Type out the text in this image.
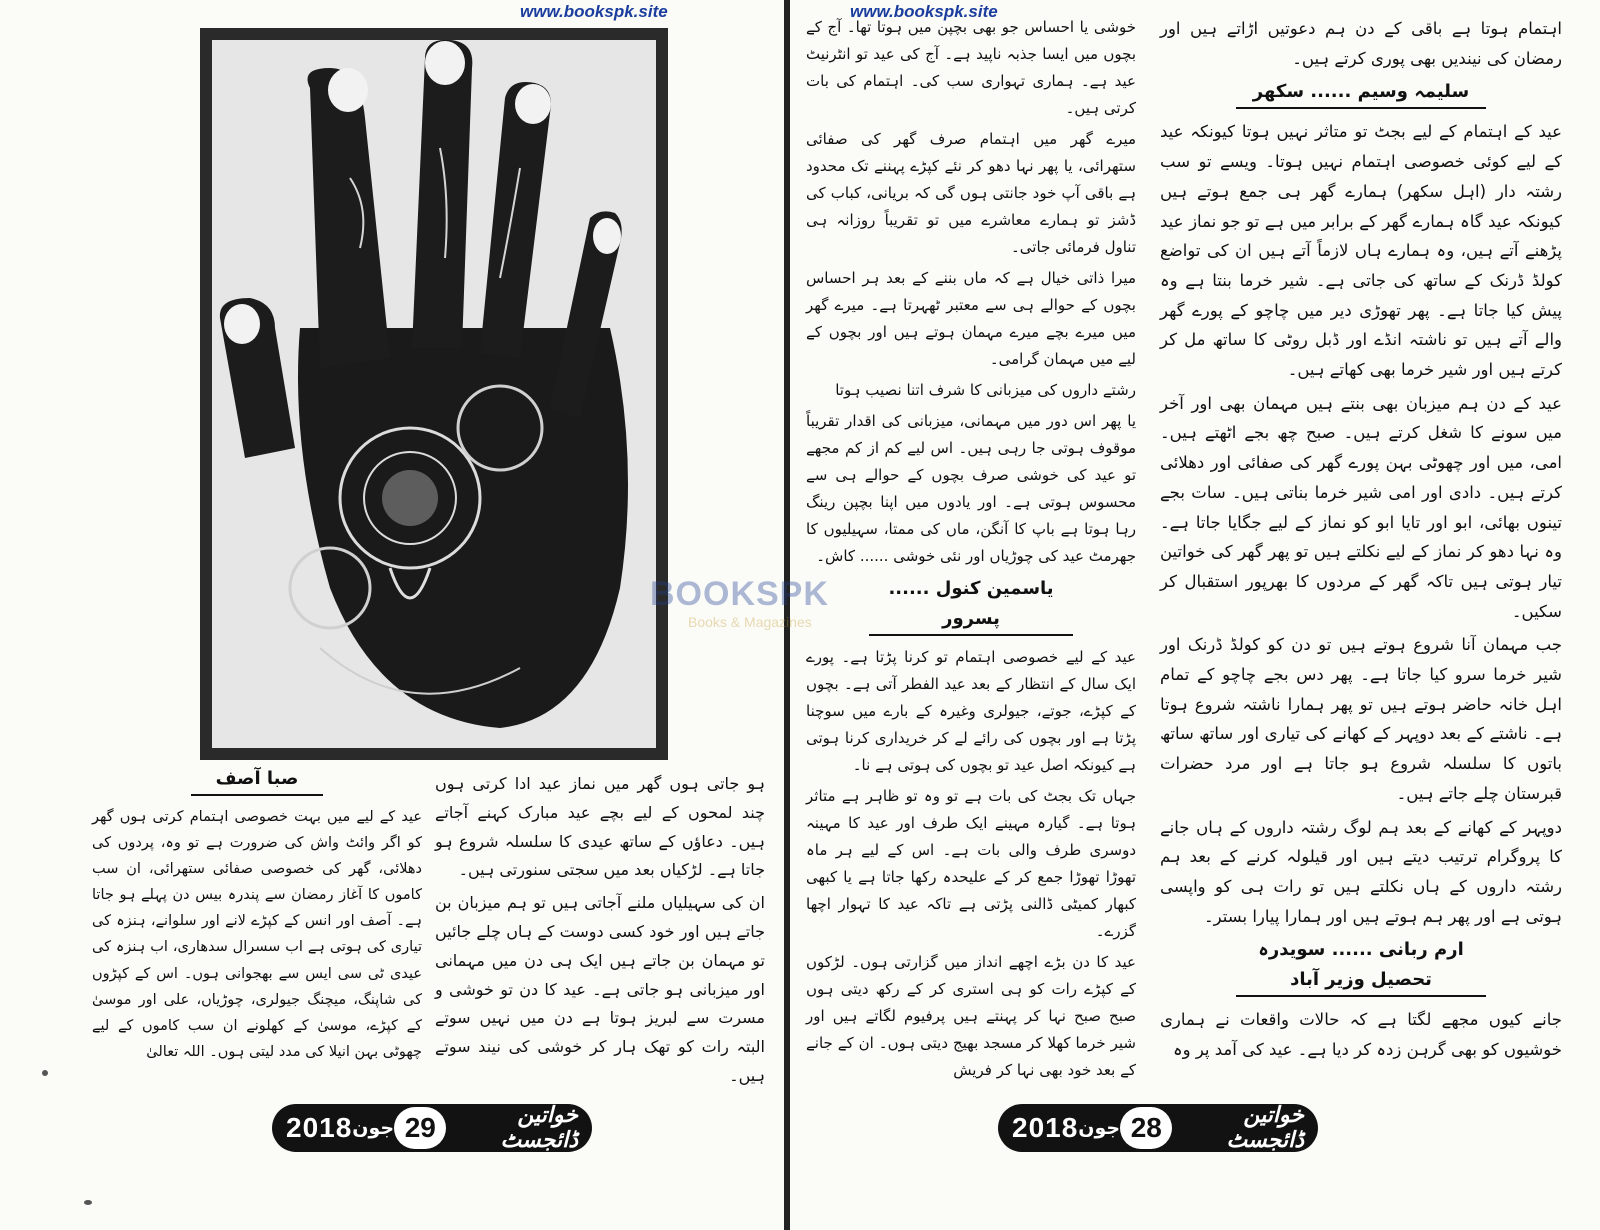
www.bookspk.site
صبا آصف

عید کے لیے میں بہت خصوصی اہتمام کرتی ہوں گھر کو اگر وائٹ واش کی ضرورت ہے تو وہ، پردوں کی دھلائی، گھر کی خصوصی صفائی ستھرائی، ان سب کاموں کا آغاز رمضان سے پندرہ بیس دن پہلے ہو جاتا ہے۔ آصف اور انس کے کپڑے لانے اور سلوانے، ہنزہ کی تیاری کی ہوتی ہے اب سسرال سدھاری، اب ہنزہ کی عیدی ٹی سی ایس سے بھجوانی ہوں۔ اس کے کپڑوں کی شاپنگ، میچنگ جیولری، چوڑیاں، علی اور موسیٰ کے کپڑے، موسیٰ کے کھلونے ان سب کاموں کے لیے چھوٹی بہن انیلا کی مدد لیتی ہوں۔ اللہ تعالیٰ

ہو جاتی ہوں گھر میں نماز عید ادا کرتی ہوں چند لمحوں کے لیے بچے عید مبارک کہنے آجاتے ہیں۔ دعاؤں کے ساتھ عیدی کا سلسلہ شروع ہو جاتا ہے۔ لڑکیاں بعد میں سجتی سنورتی ہیں۔

ان کی سہیلیاں ملنے آجاتی ہیں تو ہم میزبان بن جاتے ہیں اور خود کسی دوست کے ہاں چلے جائیں تو مہمان بن جاتے ہیں ایک ہی دن میں مہمانی اور میزبانی ہو جاتی ہے۔ عید کا دن تو خوشی و مسرت سے لبریز ہوتا ہے دن میں نہیں سوتے البتہ رات کو تھک ہار کر خوشی کی نیند سوتے ہیں۔

2018 جون 29	خواتین ڈائجسٹ
www.bookspk.site

خوشی یا احساس جو بھی بچپن میں ہوتا تھا۔ آج کے بچوں میں ایسا جذبہ ناپید ہے۔ آج کی عید تو انٹرنیٹ عید ہے۔ ہماری تہواری سب کی۔ اہتمام کی بات کرتی ہیں۔

میرے گھر میں اہتمام صرف گھر کی صفائی ستھرائی، یا پھر نہا دھو کر نئے کپڑے پہننے تک محدود ہے باقی آپ خود جانتی ہوں گی کہ بریانی، کباب کی ڈشز تو ہمارے معاشرے میں تو تقریباً روزانہ ہی تناول فرمائی جاتی۔

میرا ذاتی خیال ہے کہ ماں بننے کے بعد ہر احساس بچوں کے حوالے ہی سے معتبر ٹھہرتا ہے۔ میرے گھر میں میرے بچے میرے مہمان ہوتے ہیں اور بچوں کے لیے میں مہمان گرامی۔

رشتے داروں کی میزبانی کا شرف اتنا نصیب ہوتا

یا پھر اس دور میں مہمانی، میزبانی کی اقدار تقریباً موقوف ہوتی جا رہی ہیں۔ اس لیے کم از کم مجھے تو عید کی خوشی صرف بچوں کے حوالے ہی سے محسوس ہوتی ہے۔ اور یادوں میں اپنا بچپن رینگ رہا ہوتا ہے باپ کا آنگن، ماں کی ممتا، سہیلیوں کا جھرمٹ عید کی چوڑیاں اور نئی خوشی ...... کاش۔

یاسمین کنول ...... پسرور

عید کے لیے خصوصی اہتمام تو کرنا پڑتا ہے۔ پورے ایک سال کے انتظار کے بعد عید الفطر آتی ہے۔ بچوں کے کپڑے، جوتے، جیولری وغیرہ کے بارے میں سوچنا پڑتا ہے اور بچوں کی رائے لے کر خریداری کرنا ہوتی ہے کیونکہ اصل عید تو بچوں کی ہوتی ہے نا۔

جہاں تک بجٹ کی بات ہے تو وہ تو ظاہر ہے متاثر ہوتا ہے۔ گیارہ مہینے ایک طرف اور عید کا مہینہ دوسری طرف والی بات ہے۔ اس کے لیے ہر ماہ تھوڑا تھوڑا جمع کر کے علیحدہ رکھا جاتا ہے یا کبھی کبھار کمیٹی ڈالنی پڑتی ہے تاکہ عید کا تہوار اچھا گزرے۔

عید کا دن بڑے اچھے انداز میں گزارتی ہوں۔ لڑکوں کے کپڑے رات کو ہی استری کر کے رکھ دیتی ہوں صبح صبح نہا کر پہنتے ہیں پرفیوم لگاتے ہیں اور شیر خرما کھلا کر مسجد بھیج دیتی ہوں۔ ان کے جانے کے بعد خود بھی نہا کر فریش

اہتمام ہوتا ہے باقی کے دن ہم دعوتیں اڑاتے ہیں اور رمضان کی نیندیں بھی پوری کرتے ہیں۔

سلیمہ وسیم ...... سکھر

عید کے اہتمام کے لیے بجٹ تو متاثر نہیں ہوتا کیونکہ عید کے لیے کوئی خصوصی اہتمام نہیں ہوتا۔ ویسے تو سب رشتہ دار (اہل سکھر) ہمارے گھر ہی جمع ہوتے ہیں کیونکہ عید گاہ ہمارے گھر کے برابر میں ہے تو جو نماز عید پڑھنے آتے ہیں، وہ ہمارے ہاں لازماً آتے ہیں ان کی تواضع کولڈ ڈرنک کے ساتھ کی جاتی ہے۔ شیر خرما بنتا ہے وہ پیش کیا جاتا ہے۔ پھر تھوڑی دیر میں چاچو کے پورے گھر والے آتے ہیں تو ناشتہ انڈے اور ڈبل روٹی کا ساتھ مل کر کرتے ہیں اور شیر خرما بھی کھاتے ہیں۔

عید کے دن ہم میزبان بھی بنتے ہیں مہمان بھی اور آخر میں سونے کا شغل کرتے ہیں۔ صبح چھ بجے اٹھتے ہیں۔ امی، میں اور چھوٹی بہن پورے گھر کی صفائی اور دھلائی کرتے ہیں۔ دادی اور امی شیر خرما بناتی ہیں۔ سات بجے تینوں بھائی، ابو اور تایا ابو کو نماز کے لیے جگایا جاتا ہے۔ وہ نہا دھو کر نماز کے لیے نکلتے ہیں تو پھر گھر کی خواتین تیار ہوتی ہیں تاکہ گھر کے مردوں کا بھرپور استقبال کر سکیں۔

جب مہمان آنا شروع ہوتے ہیں تو دن کو کولڈ ڈرنک اور شیر خرما سرو کیا جاتا ہے۔ پھر دس بجے چاچو کے تمام اہل خانہ حاضر ہوتے ہیں تو پھر ہمارا ناشتہ شروع ہوتا ہے۔ ناشتے کے بعد دوپہر کے کھانے کی تیاری اور ساتھ ساتھ باتوں کا سلسلہ شروع ہو جاتا ہے اور مرد حضرات قبرستان چلے جاتے ہیں۔

دوپہر کے کھانے کے بعد ہم لوگ رشتہ داروں کے ہاں جانے کا پروگرام ترتیب دیتے ہیں اور قیلولہ کرنے کے بعد ہم رشتہ داروں کے ہاں نکلتے ہیں تو رات ہی کو واپسی ہوتی ہے اور پھر ہم ہوتے ہیں اور ہمارا پیارا بستر۔

ارم ربانی ...... سویدرہ تحصیل وزیر آباد

جانے کیوں مجھے لگتا ہے کہ حالات واقعات نے ہماری خوشیوں کو بھی گرہن زدہ کر دیا ہے۔ عید کی آمد پر وہ

BOOKSPK
Books & Magazines
2018 جون 28	خواتین ڈائجسٹ
